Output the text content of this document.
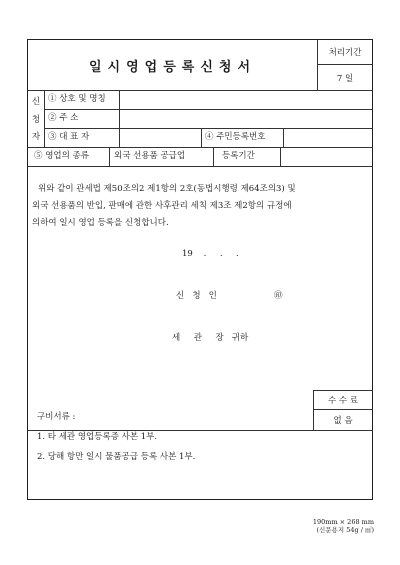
일시영업등록신청서
처리기간
7 일
신
청
자
① 상호 및 명칭
② 주 소
③ 대 표 자	④ 주민등록번호
⑤ 영업의 종류	외국 선용품 공급업	등록기간
위와 같이 관세법 제50조의2 제1항의 2호(동법시행령 제64조의3) 및
외국 선용품의 반입, 판매에 관한 사후관리 세칙 제3조 제2항의 규정에
의하여 일시 영업 등록을 신청합니다.
19    .     .     .
신   청   인	㊞
세     관     장   귀하
수 수 료
없 음
구비서류 :
1. 타 세관 영업등록증 사본 1부.
2. 당해 항만 일시 물품공급 등록 사본 1부.
190mm × 268 mm
(신문용지 54g / ㎡)
